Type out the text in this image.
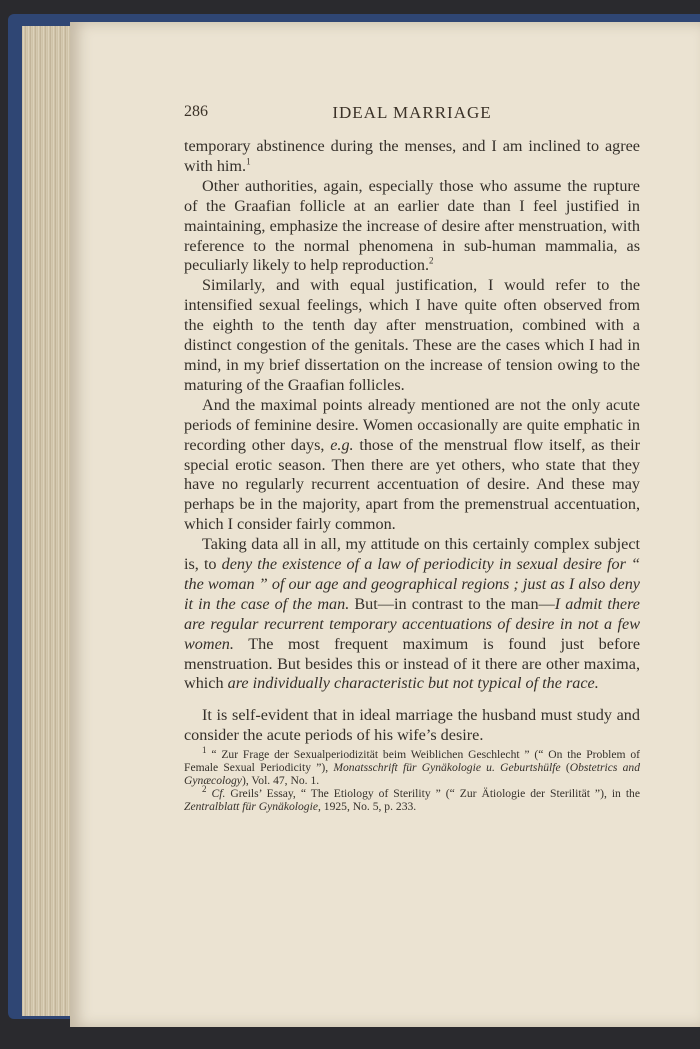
286	IDEAL MARRIAGE

temporary abstinence during the menses, and I am inclined to agree with him.$^1$

Other authorities, again, especially those who assume the rupture of the Graafian follicle at an earlier date than I feel justified in maintaining, emphasize the increase of desire after menstruation, with reference to the normal phenomena in sub-human mammalia, as peculiarly likely to help reproduction.$^2$

Similarly, and with equal justification, I would refer to the intensified sexual feelings, which I have quite often observed from the eighth to the tenth day after menstruation, combined with a distinct congestion of the genitals. These are the cases which I had in mind, in my brief dissertation on the increase of tension owing to the maturing of the Graafian follicles.

And the maximal points already mentioned are not the only acute periods of feminine desire. Women occasionally are quite emphatic in recording other days, e.g. those of the menstrual flow itself, as their special erotic season. Then there are yet others, who state that they have no regularly recurrent accentuation of desire. And these may perhaps be in the majority, apart from the premenstrual accentuation, which I consider fairly common.

Taking data all in all, my attitude on this certainly complex subject is, to deny the existence of a law of periodicity in sexual desire for “ the woman ” of our age and geographical regions ; just as I also deny it in the case of the man. But—in contrast to the man—I admit there are regular recurrent temporary accentuations of desire in not a few women. The most frequent maximum is found just before menstruation. But besides this or instead of it there are other maxima, which are individually characteristic but not typical of the race.

It is self-evident that in ideal marriage the husband must study and consider the acute periods of his wife’s desire.

$^1$ “ Zur Frage der Sexualperiodizität beim Weiblichen Geschlecht ” (“ On the Problem of Female Sexual Periodicity ”), Monatsschrift für Gynäkologie u. Geburtshülfe (Obstetrics and Gynæcology), Vol. 47, No. 1.

$^2$ Cf. Greils’ Essay, “ The Etiology of Sterility ” (“ Zur Ätiologie der Sterilität ”), in the Zentralblatt für Gynäkologie, 1925, No. 5, p. 233.
